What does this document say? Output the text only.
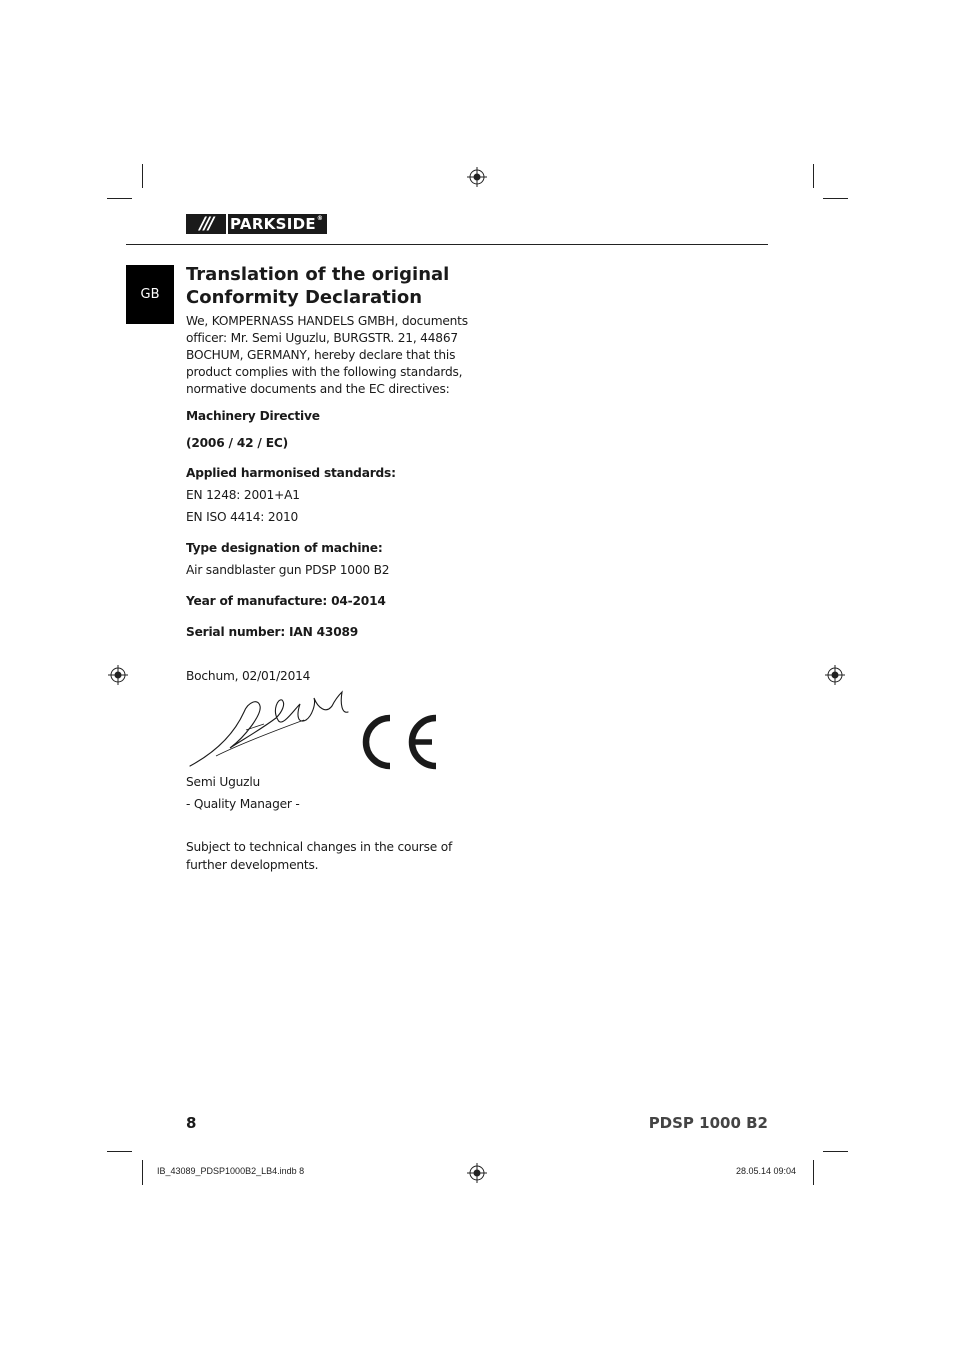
///	PARKSIDE®
GB
Translation of the original
Conformity Declaration

We, KOMPERNASS HANDELS GMBH, documents
officer: Mr. Semi Uguzlu, BURGSTR. 21, 44867
BOCHUM, GERMANY, hereby declare that this
product complies with the following standards,
normative documents and the EC directives:

Machinery Directive
(2006 / 42 / EC)
Applied harmonised standards:
EN 1248: 2001+A1
EN ISO 4414: 2010
Type designation of machine:
Air sandblaster gun PDSP 1000 B2
Year of manufacture: 04-2014
Serial number: IAN 43089
Bochum, 02/01/2014
Semi Uguzlu
- Quality Manager -
Subject to technical changes in the course of
further developments.
8	PDSP 1000 B2
IB_43089_PDSP1000B2_LB4.indb 8	28.05.14 09:04
